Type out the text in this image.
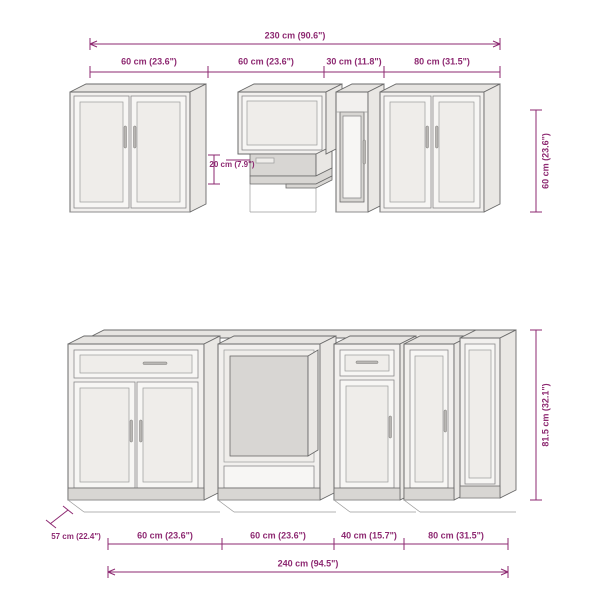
230 cm (90.6")
60 cm (23.6")	60 cm (23.6")	30 cm (11.8")	80 cm (31.5")
60 cm (23.6")
20 cm (7.9")
81.5 cm (32.1")
57 cm (22.4")	60 cm (23.6")	60 cm (23.6")	40 cm (15.7")	80 cm (31.5")
240 cm (94.5")
